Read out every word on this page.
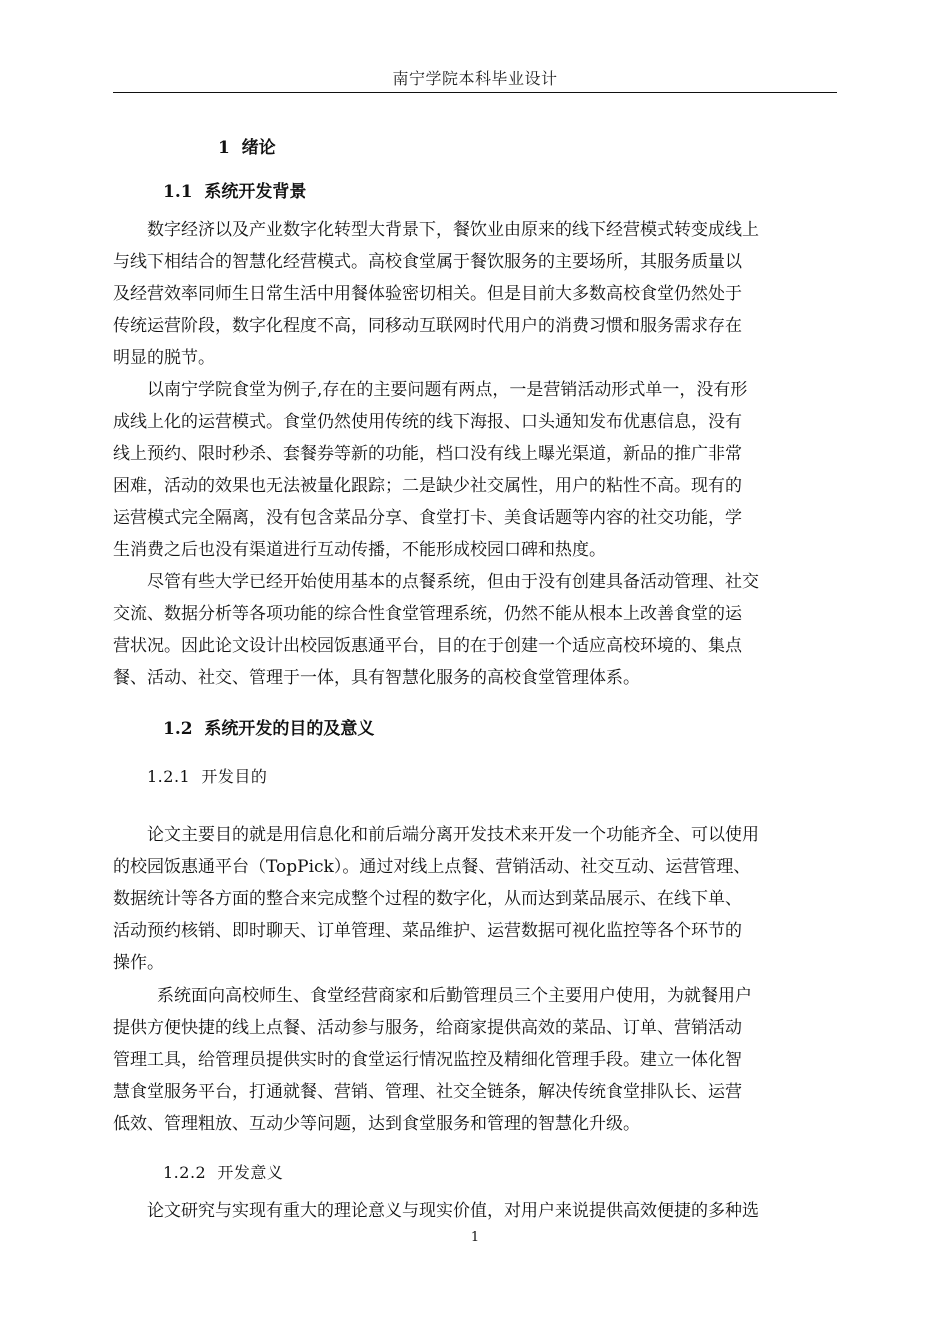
南宁学院本科毕业设计
1  绪论
1.1  系统开发背景
数字经济以及产业数字化转型大背景下，餐饮业由原来的线下经营模式转变成线上
与线下相结合的智慧化经营模式。高校食堂属于餐饮服务的主要场所，其服务质量以
及经营效率同师生日常生活中用餐体验密切相关。但是目前大多数高校食堂仍然处于
传统运营阶段，数字化程度不高，同移动互联网时代用户的消费习惯和服务需求存在
明显的脱节。
以南宁学院食堂为例子,存在的主要问题有两点，一是营销活动形式单一，没有形
成线上化的运营模式。食堂仍然使用传统的线下海报、口头通知发布优惠信息，没有
线上预约、限时秒杀、套餐券等新的功能，档口没有线上曝光渠道，新品的推广非常
困难，活动的效果也无法被量化跟踪；二是缺少社交属性，用户的粘性不高。现有的
运营模式完全隔离，没有包含菜品分享、食堂打卡、美食话题等内容的社交功能，学
生消费之后也没有渠道进行互动传播，不能形成校园口碑和热度。
尽管有些大学已经开始使用基本的点餐系统，但由于没有创建具备活动管理、社交
交流、数据分析等各项功能的综合性食堂管理系统，仍然不能从根本上改善食堂的运
营状况。因此论文设计出校园饭惠通平台，目的在于创建一个适应高校环境的、集点
餐、活动、社交、管理于一体，具有智慧化服务的高校食堂管理体系。
1.2  系统开发的目的及意义
1.2.1  开发目的
论文主要目的就是用信息化和前后端分离开发技术来开发一个功能齐全、可以使用
的校园饭惠通平台（TopPick）。通过对线上点餐、营销活动、社交互动、运营管理、
数据统计等各方面的整合来完成整个过程的数字化，从而达到菜品展示、在线下单、
活动预约核销、即时聊天、订单管理、菜品维护、运营数据可视化监控等各个环节的
操作。
系统面向高校师生、食堂经营商家和后勤管理员三个主要用户使用，为就餐用户
提供方便快捷的线上点餐、活动参与服务，给商家提供高效的菜品、订单、营销活动
管理工具，给管理员提供实时的食堂运行情况监控及精细化管理手段。建立一体化智
慧食堂服务平台，打通就餐、营销、管理、社交全链条，解决传统食堂排队长、运营
低效、管理粗放、互动少等问题，达到食堂服务和管理的智慧化升级。
1.2.2  开发意义
论文研究与实现有重大的理论意义与现实价值，对用户来说提供高效便捷的多种选
1
